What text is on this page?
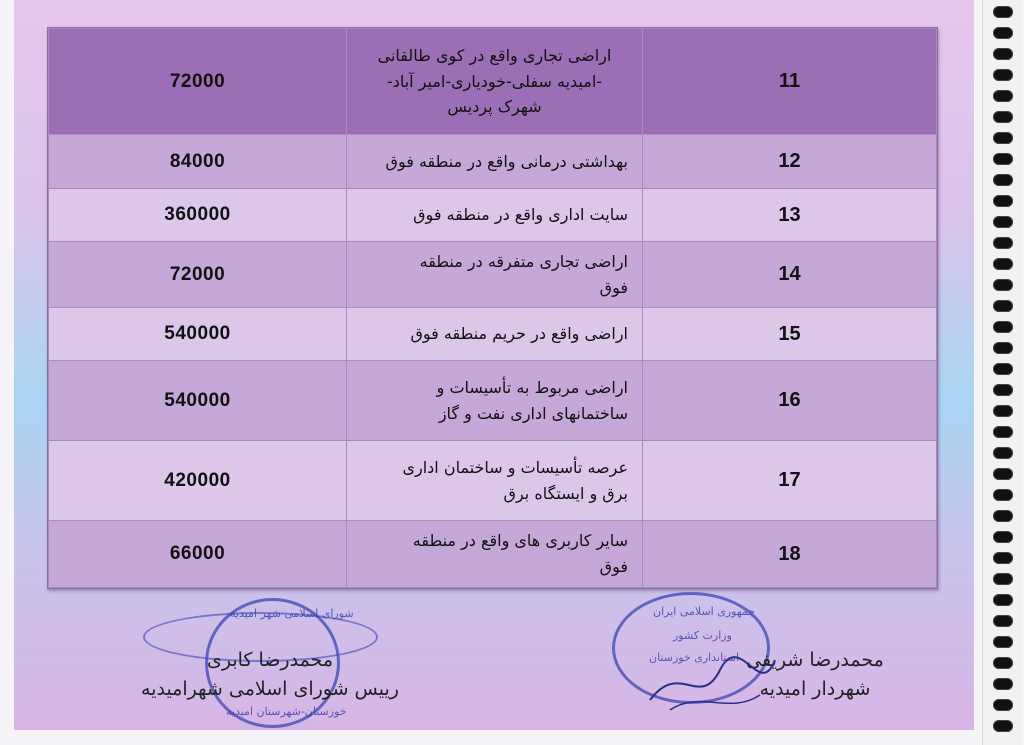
72000	اراضی تجاری واقع در کوی طالقانی
-امیدیه سفلی-خودیاری-امیر آباد-
شهرک پردیس	11
84000	بهداشتی درمانی واقع در منطقه فوق	12
360000	سایت اداری واقع در منطقه فوق	13
72000	اراضی تجاری متفرقه در منطقه
فوق	14
540000	اراضی واقع در حریم منطقه فوق	15
540000	اراضی مربوط به تأسیسات و
ساختمانهای اداری نفت و گاز	16
420000	عرصه تأسیسات و ساختمان اداری
برق و ایستگاه برق	17
66000	سایر کاربری های واقع در منطقه
فوق	18
شورای اسلامی شهر امیدیه
خوزستان-شهرستان امیدیه
جمهوری اسلامی ایران
وزارت کشور
استانداری خوزستان
محمدرضا کابری
رییس شورای اسلامی شهرامیدیه
محمدرضا شریفی
شهردار امیدیه
